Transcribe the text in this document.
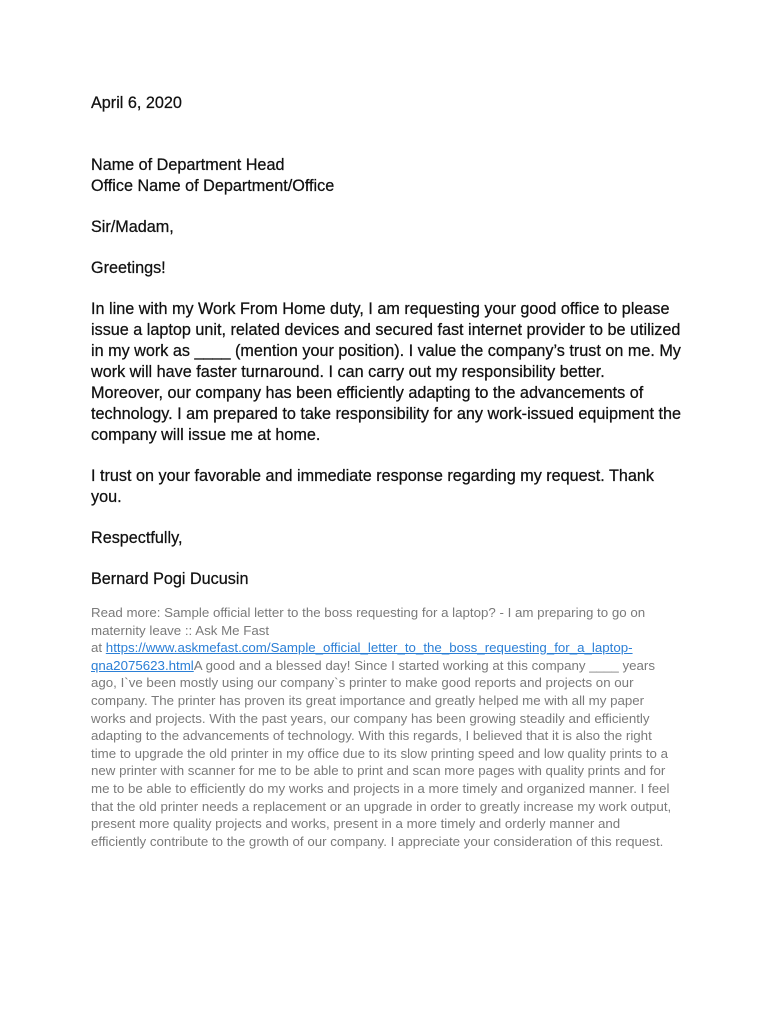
April 6, 2020

Name of Department Head
Office Name of Department/Office

Sir/Madam,

Greetings!

In line with my Work From Home duty, I am requesting your good office to please issue a laptop unit, related devices and secured fast internet provider to be utilized in my work as ____ (mention your position). I value the company’s trust on me. My work will have faster turnaround. I can carry out my responsibility better. Moreover, our company has been efficiently adapting to the advancements of technology. I am prepared to take responsibility for any work-issued equipment the company will issue me at home.

I trust on your favorable and immediate response regarding my request. Thank you.

Respectfully,

Bernard Pogi Ducusin

Read more: Sample official letter to the boss requesting for a laptop? - I am preparing to go on maternity leave :: Ask Me Fast
at https://www.askmefast.com/Sample_official_letter_to_the_boss_requesting_for_a_laptop-qna2075623.htmlA good and a blessed day! Since I started working at this company ____ years ago, I`ve been mostly using our company`s printer to make good reports and projects on our company. The printer has proven its great importance and greatly helped me with all my paper works and projects. With the past years, our company has been growing steadily and efficiently adapting to the advancements of technology. With this regards, I believed that it is also the right time to upgrade the old printer in my office due to its slow printing speed and low quality prints to a new printer with scanner for me to be able to print and scan more pages with quality prints and for me to be able to efficiently do my works and projects in a more timely and organized manner. I feel that the old printer needs a replacement or an upgrade in order to greatly increase my work output, present more quality projects and works, present in a more timely and orderly manner and efficiently contribute to the growth of our company. I appreciate your consideration of this request.
